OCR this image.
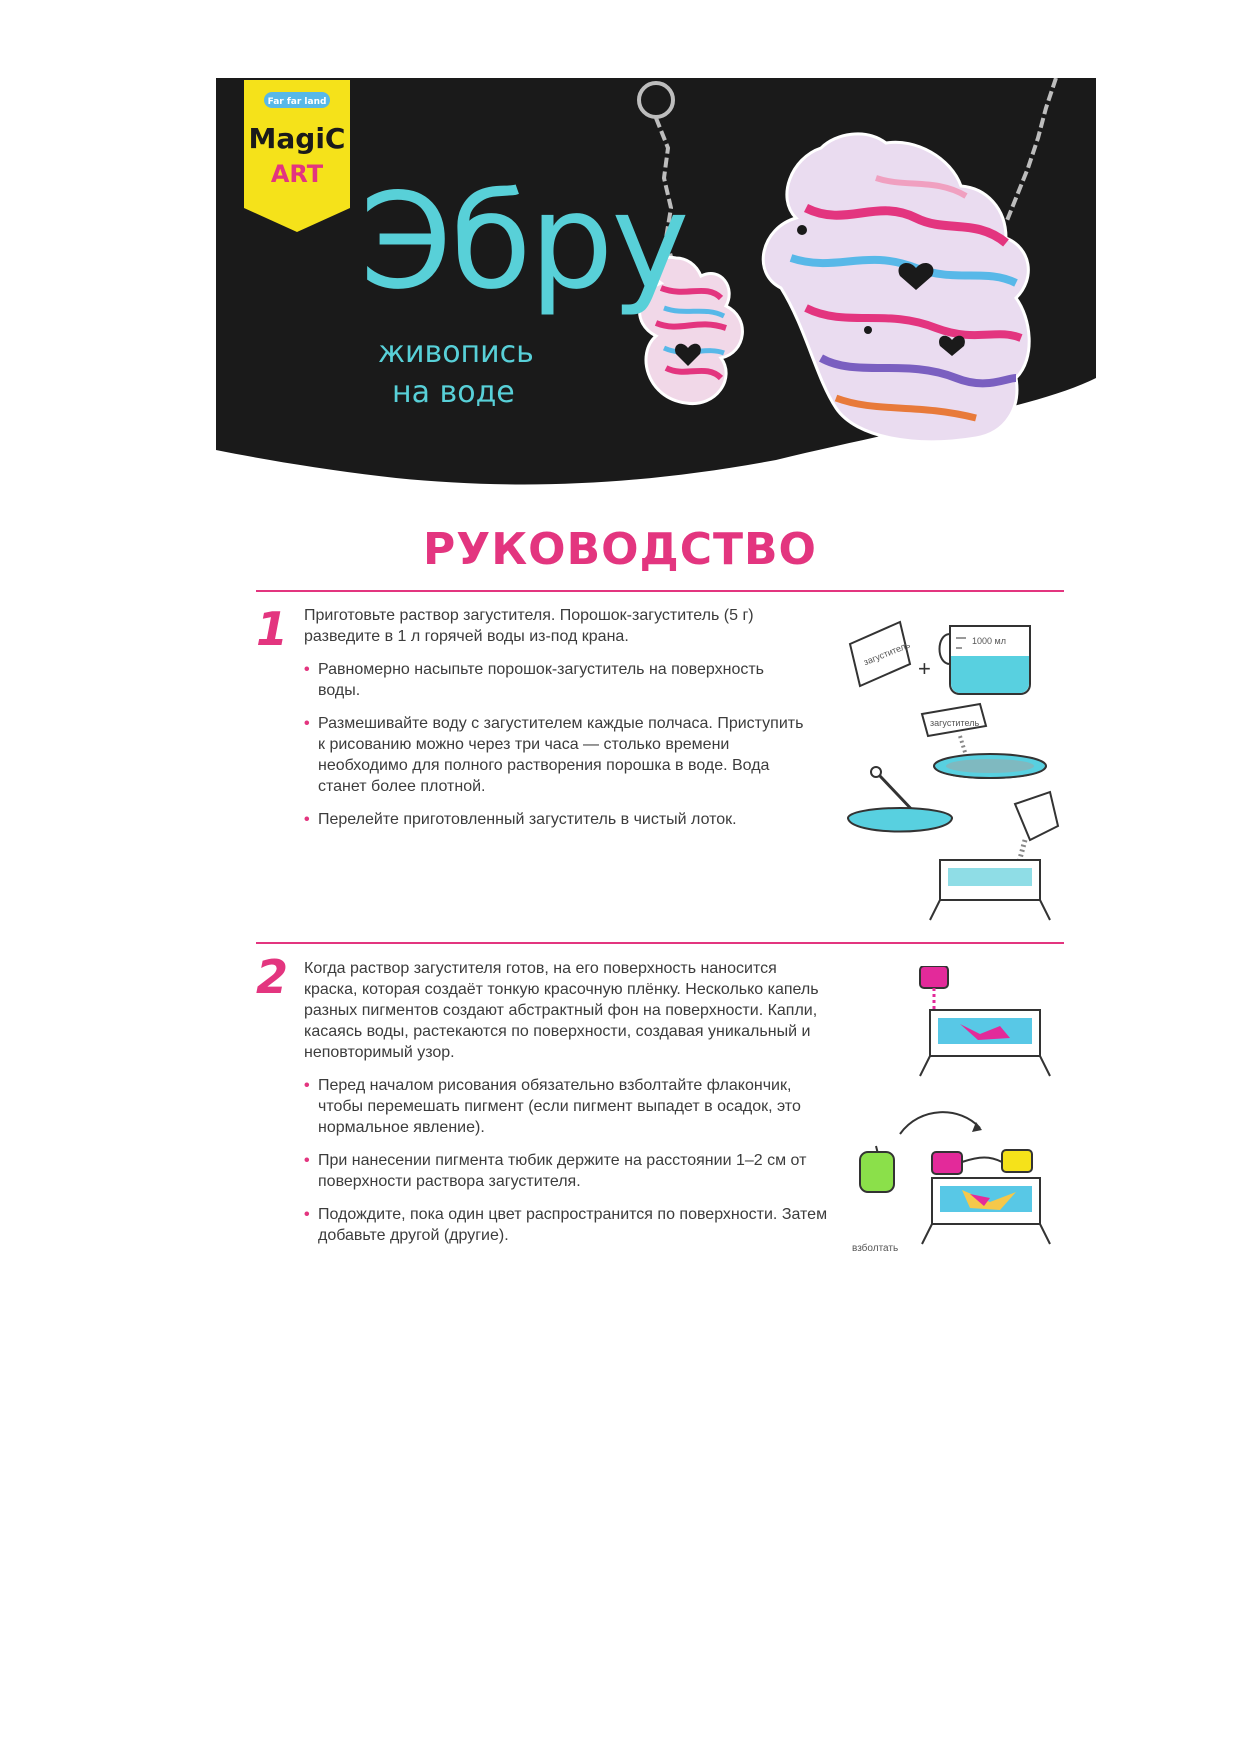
Far far land
MagiC
ART Эбру
живопись
на воде
РУКОВОДСТВО
1 Приготовьте раствор загустителя. Порошок-загуститель (5 г) разведите в 1 л горячей воды из-под крана.

• Равномерно насыпьте порошок-загуститель на поверхность воды.
• Размешивайте воду с загустителем каждые полчаса. Приступить к рисованию можно через три часа — столько времени необходимо для полного растворения порошка в воде. Вода станет более плотной.
• Перелейте приготовленный загуститель в чистый лоток.
загуститель
+
1000 мл
загуститель
2 Когда раствор загустителя готов, на его поверхность наносится краска, которая создаёт тонкую красочную плёнку. Несколько капель разных пигментов создают абстрактный фон на поверхности. Капли, касаясь воды, растекаются по поверхности, создавая уникальный и неповторимый узор.

• Перед началом рисования обязательно взболтайте флакончик, чтобы перемешать пигмент (если пигмент выпадет в осадок, это нормальное явление).
• При нанесении пигмента тюбик держите на расстоянии 1–2 см от поверхности раствора загустителя.
• Подождите, пока один цвет распространится по поверхности. Затем добавьте другой (другие).
взболтать
